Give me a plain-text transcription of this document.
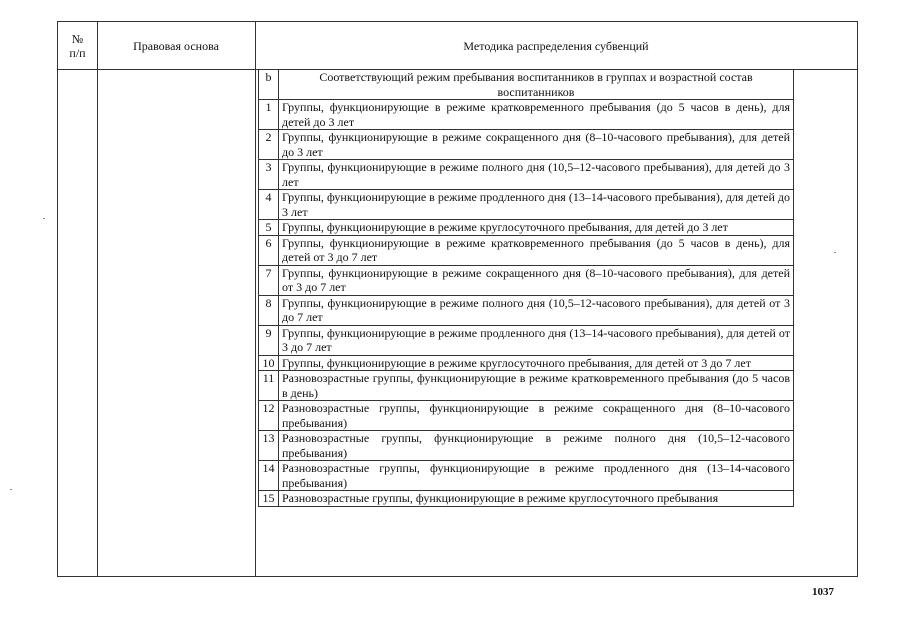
№
п/п	Правовая основа	Методика распределения субвенций
b	Соответствующий режим пребывания воспитанников в группах и возрастной состав воспитанников
1	Группы, функционирующие в режиме кратковременного пребывания (до 5 часов в день), для детей до 3 лет
2	Группы, функционирующие в режиме сокращенного дня (8–10-часового пребывания), для детей до 3 лет
3	Группы, функционирующие в режиме полного дня (10,5–12-часового пребывания), для детей до 3 лет
4	Группы, функционирующие в режиме продленного дня (13–14-часового пребывания), для детей до 3 лет
5	Группы, функционирующие в режиме круглосуточного пребывания, для детей до 3 лет
6	Группы, функционирующие в режиме кратковременного пребывания (до 5 часов в день), для детей от 3 до 7 лет
7	Группы, функционирующие в режиме сокращенного дня (8–10-часового пребывания), для детей от 3 до 7 лет
8	Группы, функционирующие в режиме полного дня (10,5–12-часового пребывания), для детей от 3 до 7 лет
9	Группы, функционирующие в режиме продленного дня (13–14-часового пребывания), для детей от 3 до 7 лет
10	Группы, функционирующие в режиме круглосуточного пребывания, для детей от 3 до 7 лет
11	Разновозрастные группы, функционирующие в режиме кратковременного пребывания (до 5 часов в день)
12	Разновозрастные группы, функционирующие в режиме сокращенного дня (8–10-часового пребывания)
13	Разновозрастные группы, функционирующие в режиме полного дня (10,5–12-часового пребывания)
14	Разновозрастные группы, функционирующие в режиме продленного дня (13–14-часового пребывания)
15	Разновозрастные группы, функционирующие в режиме круглосуточного пребывания
1037
